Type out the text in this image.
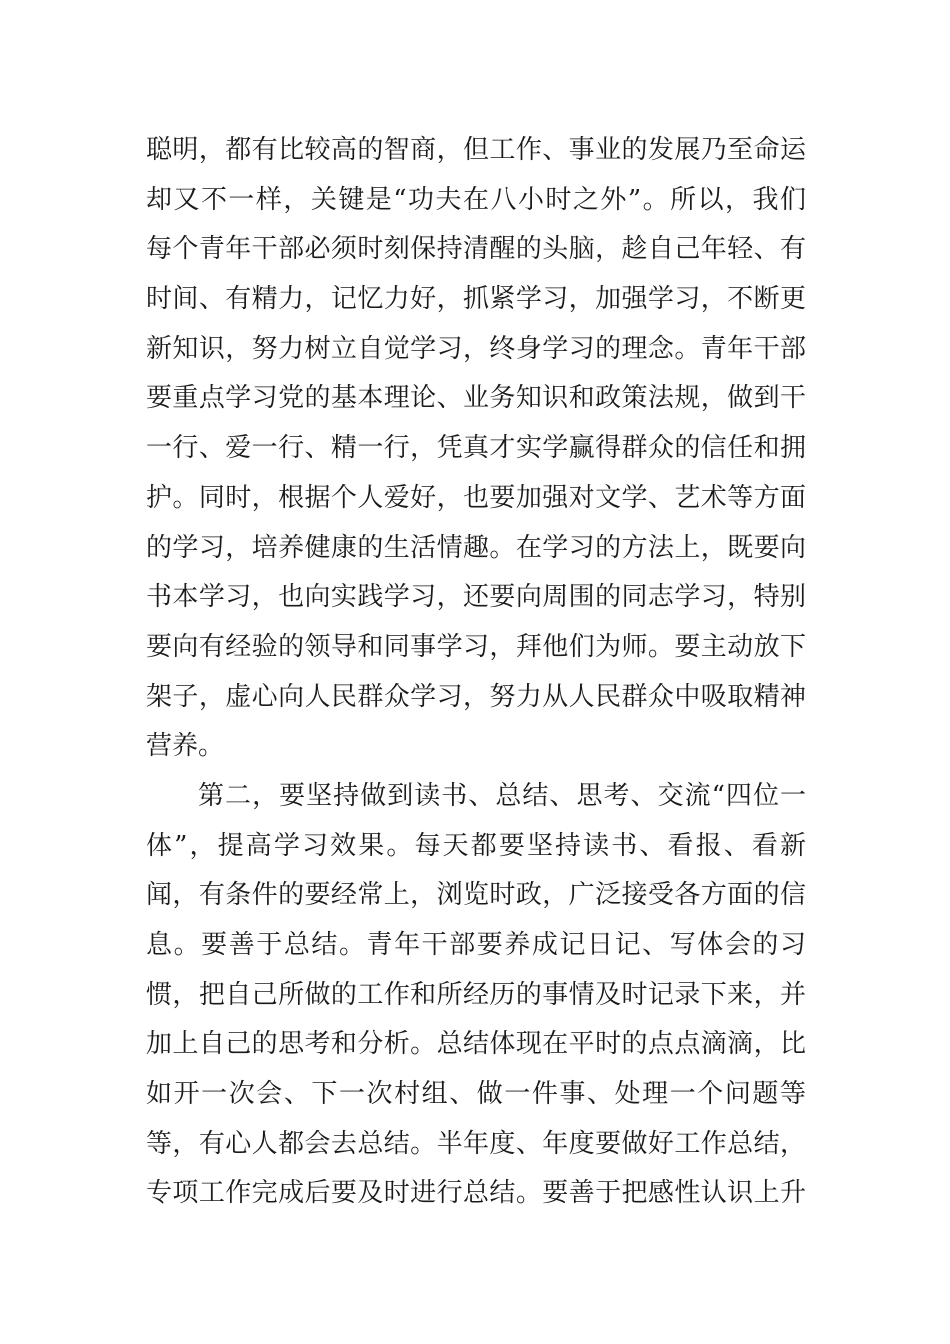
聪明，都有比较高的智商，但工作、事业的发展乃至命运
却又不一样，关键是“功夫在八小时之外”。所以，我们
每个青年干部必须时刻保持清醒的头脑，趁自己年轻、有
时间、有精力，记忆力好，抓紧学习，加强学习，不断更
新知识，努力树立自觉学习，终身学习的理念。青年干部
要重点学习党的基本理论、业务知识和政策法规，做到干
一行、爱一行、精一行，凭真才实学赢得群众的信任和拥
护。同时，根据个人爱好，也要加强对文学、艺术等方面
的学习，培养健康的生活情趣。在学习的方法上，既要向
书本学习，也向实践学习，还要向周围的同志学习，特别
要向有经验的领导和同事学习，拜他们为师。要主动放下
架子，虚心向人民群众学习，努力从人民群众中吸取精神
营养。
第二，要坚持做到读书、总结、思考、交流“四位一
体”，提高学习效果。每天都要坚持读书、看报、看新
闻，有条件的要经常上，浏览时政，广泛接受各方面的信
息。要善于总结。青年干部要养成记日记、写体会的习
惯，把自己所做的工作和所经历的事情及时记录下来，并
加上自己的思考和分析。总结体现在平时的点点滴滴，比
如开一次会、下一次村组、做一件事、处理一个问题等
等，有心人都会去总结。半年度、年度要做好工作总结，
专项工作完成后要及时进行总结。要善于把感性认识上升
